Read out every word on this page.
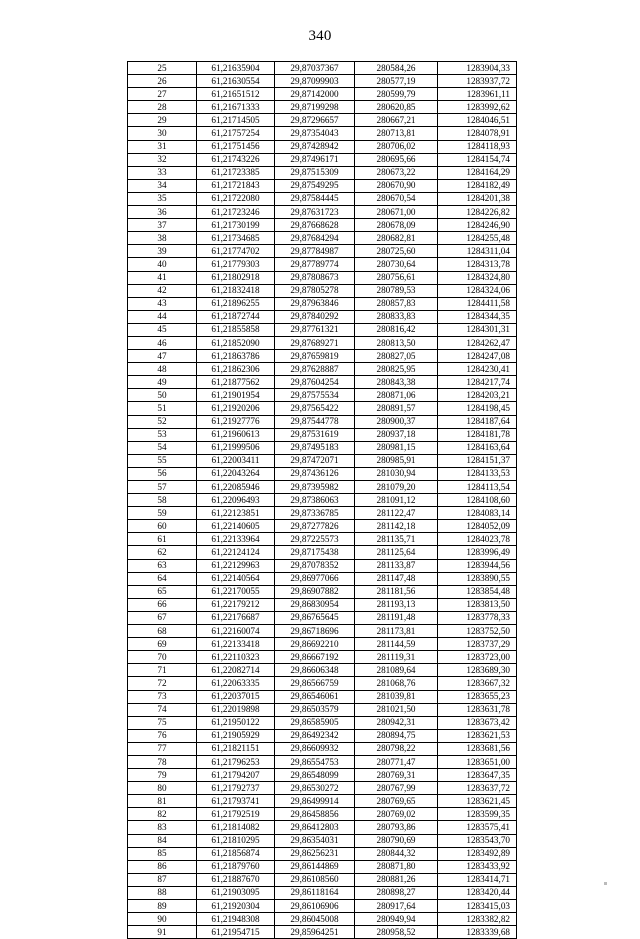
340
25	61,21635904	29,87037367	280584,26	1283904,33
26	61,21630554	29,87099903	280577,19	1283937,72
27	61,21651512	29,87142000	280599,79	1283961,11
28	61,21671333	29,87199298	280620,85	1283992,62
29	61,21714505	29,87296657	280667,21	1284046,51
30	61,21757254	29,87354043	280713,81	1284078,91
31	61,21751456	29,87428942	280706,02	1284118,93
32	61,21743226	29,87496171	280695,66	1284154,74
33	61,21723385	29,87515309	280673,22	1284164,29
34	61,21721843	29,87549295	280670,90	1284182,49
35	61,21722080	29,87584445	280670,54	1284201,38
36	61,21723246	29,87631723	280671,00	1284226,82
37	61,21730199	29,87668628	280678,09	1284246,90
38	61,21734685	29,87684294	280682,81	1284255,48
39	61,21774702	29,87784987	280725,60	1284311,04
40	61,21779303	29,87789774	280730,64	1284313,78
41	61,21802918	29,87808673	280756,61	1284324,80
42	61,21832418	29,87805278	280789,53	1284324,06
43	61,21896255	29,87963846	280857,83	1284411,58
44	61,21872744	29,87840292	280833,83	1284344,35
45	61,21855858	29,87761321	280816,42	1284301,31
46	61,21852090	29,87689271	280813,50	1284262,47
47	61,21863786	29,87659819	280827,05	1284247,08
48	61,21862306	29,87628887	280825,95	1284230,41
49	61,21877562	29,87604254	280843,38	1284217,74
50	61,21901954	29,87575534	280871,06	1284203,21
51	61,21920206	29,87565422	280891,57	1284198,45
52	61,21927776	29,87544778	280900,37	1284187,64
53	61,21960613	29,87531619	280937,18	1284181,78
54	61,21999506	29,87495183	280981,15	1284163,64
55	61,22003411	29,87472071	280985,91	1284151,37
56	61,22043264	29,87436126	281030,94	1284133,53
57	61,22085946	29,87395982	281079,20	1284113,54
58	61,22096493	29,87386063	281091,12	1284108,60
59	61,22123851	29,87336785	281122,47	1284083,14
60	61,22140605	29,87277826	281142,18	1284052,09
61	61,22133964	29,87225573	281135,71	1284023,78
62	61,22124124	29,87175438	281125,64	1283996,49
63	61,22129963	29,87078352	281133,87	1283944,56
64	61,22140564	29,86977066	281147,48	1283890,55
65	61,22170055	29,86907882	281181,56	1283854,48
66	61,22179212	29,86830954	281193,13	1283813,50
67	61,22176687	29,86765645	281191,48	1283778,33
68	61,22160074	29,86718696	281173,81	1283752,50
69	61,22133418	29,86692210	281144,59	1283737,29
70	61,22110323	29,86667192	281119,31	1283723,00
71	61,22082714	29,86606348	281089,64	1283689,30
72	61,22063335	29,86566759	281068,76	1283667,32
73	61,22037015	29,86546061	281039,81	1283655,23
74	61,22019898	29,86503579	281021,50	1283631,78
75	61,21950122	29,86585905	280942,31	1283673,42
76	61,21905929	29,86492342	280894,75	1283621,53
77	61,21821151	29,86609932	280798,22	1283681,56
78	61,21796253	29,86554753	280771,47	1283651,00
79	61,21794207	29,86548099	280769,31	1283647,35
80	61,21792737	29,86530272	280767,99	1283637,72
81	61,21793741	29,86499914	280769,65	1283621,45
82	61,21792519	29,86458856	280769,02	1283599,35
83	61,21814082	29,86412803	280793,86	1283575,41
84	61,21810295	29,86354031	280790,69	1283543,70
85	61,21856874	29,86256231	280844,32	1283492,89
86	61,21879760	29,86144869	280871,80	1283433,92
87	61,21887670	29,86108560	280881,26	1283414,71
88	61,21903095	29,86118164	280898,27	1283420,44
89	61,21920304	29,86106906	280917,64	1283415,03
90	61,21948308	29,86045008	280949,94	1283382,82
91	61,21954715	29,85964251	280958,52	1283339,68
